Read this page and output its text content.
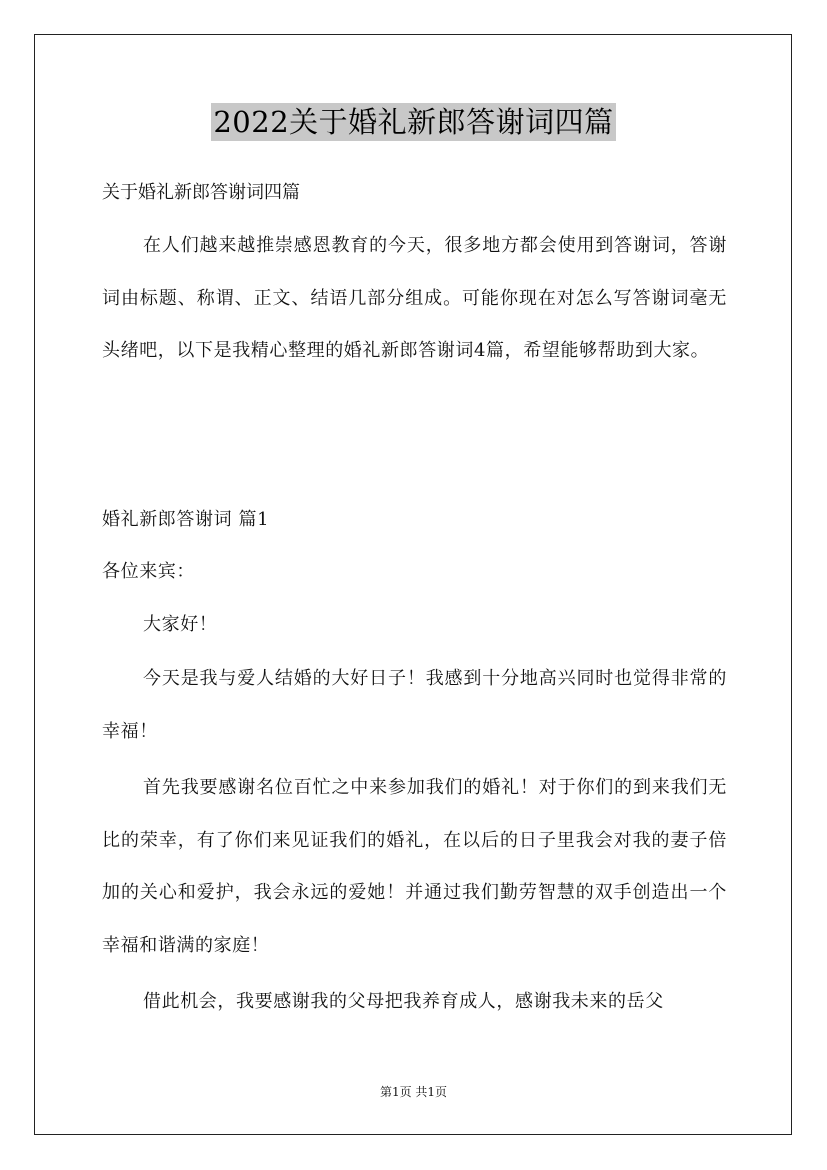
2022关于婚礼新郎答谢词四篇
关于婚礼新郎答谢词四篇
在人们越来越推崇感恩教育的今天，很多地方都会使用到答谢词，答谢词由标题、称谓、正文、结语几部分组成。可能你现在对怎么写答谢词毫无头绪吧，以下是我精心整理的婚礼新郎答谢词4篇，希望能够帮助到大家。
婚礼新郎答谢词 篇1
各位来宾：
大家好！
今天是我与爱人结婚的大好日子！我感到十分地高兴同时也觉得非常的幸福！
首先我要感谢名位百忙之中来参加我们的婚礼！对于你们的到来我们无比的荣幸，有了你们来见证我们的婚礼，在以后的日子里我会对我的妻子倍加的关心和爱护，我会永远的爱她！并通过我们勤劳智慧的双手创造出一个幸福和谐满的家庭！
借此机会，我要感谢我的父母把我养育成人，感谢我未来的岳父
第1页 共1页
